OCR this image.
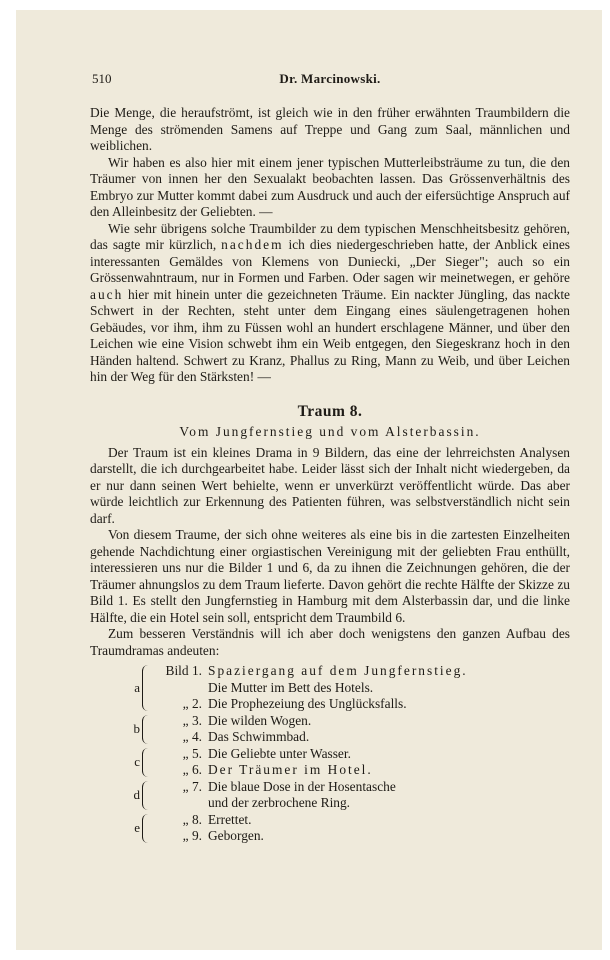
510	Dr. Marcinowski.

Die Menge, die heraufströmt, ist gleich wie in den früher erwähnten Traumbildern die Menge des strömenden Samens auf Treppe und Gang zum Saal, männlichen und weiblichen.

Wir haben es also hier mit einem jener typischen Mutterleibsträume zu tun, die den Träumer von innen her den Sexualakt beobachten lassen. Das Grössenverhältnis des Embryo zur Mutter kommt dabei zum Ausdruck und auch der eifersüchtige Anspruch auf den Alleinbesitz der Geliebten. —

Wie sehr übrigens solche Traumbilder zu dem typischen Menschheitsbesitz gehören, das sagte mir kürzlich, nachdem ich dies niedergeschrieben hatte, der Anblick eines interessanten Gemäldes von Klemens von Duniecki, „Der Sieger"; auch so ein Grössenwahntraum, nur in Formen und Farben. Oder sagen wir meinetwegen, er gehöre auch hier mit hinein unter die gezeichneten Träume. Ein nackter Jüngling, das nackte Schwert in der Rechten, steht unter dem Eingang eines säulengetragenen hohen Gebäudes, vor ihm, ihm zu Füssen wohl an hundert erschlagene Männer, und über den Leichen wie eine Vision schwebt ihm ein Weib entgegen, den Siegeskranz hoch in den Händen haltend. Schwert zu Kranz, Phallus zu Ring, Mann zu Weib, und über Leichen hin der Weg für den Stärksten! —

Traum 8.
Vom Jungfernstieg und vom Alsterbassin.

Der Traum ist ein kleines Drama in 9 Bildern, das eine der lehrreichsten Analysen darstellt, die ich durchgearbeitet habe. Leider lässt sich der Inhalt nicht wiedergeben, da er nur dann seinen Wert behielte, wenn er unverkürzt veröffentlicht würde. Das aber würde leichtlich zur Erkennung des Patienten führen, was selbstverständlich nicht sein darf.

Von diesem Traume, der sich ohne weiteres als eine bis in die zartesten Einzelheiten gehende Nachdichtung einer orgiastischen Vereinigung mit der geliebten Frau enthüllt, interessieren uns nur die Bilder 1 und 6, da zu ihnen die Zeichnungen gehören, die der Träumer ahnungslos zu dem Traum lieferte. Davon gehört die rechte Hälfte der Skizze zu Bild 1. Es stellt den Jungfernstieg in Hamburg mit dem Alsterbassin dar, und die linke Hälfte, die ein Hotel sein soll, entspricht dem Traumbild 6.

Zum besseren Verständnis will ich aber doch wenigstens den ganzen Aufbau des Traumdramas andeuten:

a
Bild 1. Spaziergang auf dem Jungfernstieg.
Die Mutter im Bett des Hotels.
„ 2. Die Prophezeiung des Unglücksfalls.
b
„ 3. Die wilden Wogen.
„ 4. Das Schwimmbad.
c
„ 5. Die Geliebte unter Wasser.
„ 6. Der Träumer im Hotel.
d
„ 7. Die blaue Dose in der Hosentasche
und der zerbrochene Ring.
e
„ 8. Errettet.
„ 9. Geborgen.
